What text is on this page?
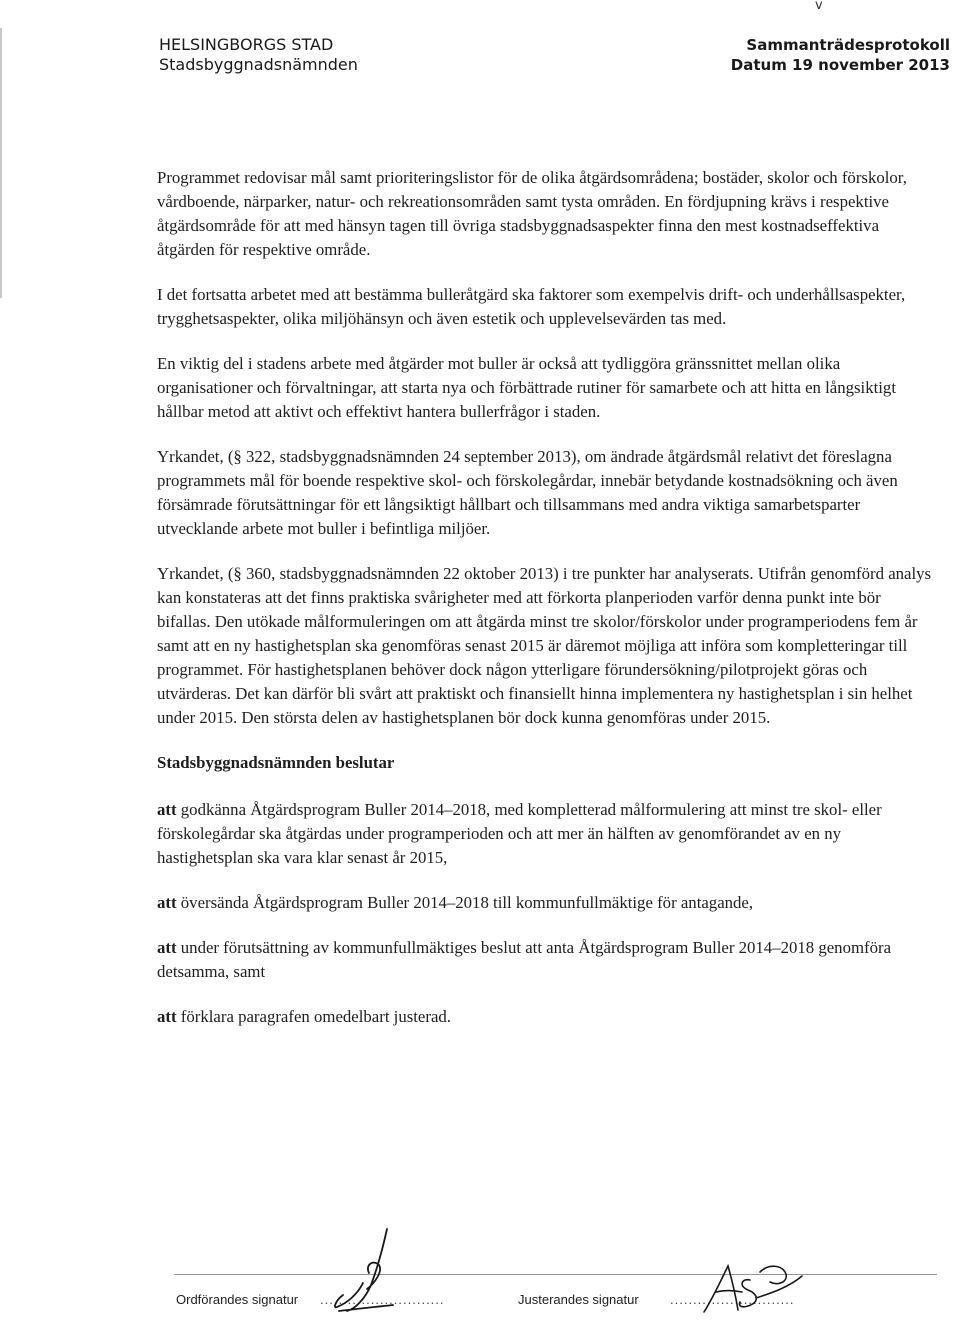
v
HELSINGBORGS STAD
Stadsbyggnadsnämnden
Sammanträdesprotokoll
Datum 19 november 2013

Programmet redovisar mål samt prioriteringslistor för de olika åtgärdsområdena; bostäder, skolor och förskolor, vårdboende, närparker, natur- och rekreationsområden samt tysta områden. En fördjupning krävs i respektive åtgärdsområde för att med hänsyn tagen till övriga stadsbyggnadsaspekter finna den mest kostnadseffektiva åtgärden för respektive område.

I det fortsatta arbetet med att bestämma bulleråtgärd ska faktorer som exempelvis drift- och underhållsaspekter, trygghetsaspekter, olika miljöhänsyn och även estetik och upplevelsevärden tas med.

En viktig del i stadens arbete med åtgärder mot buller är också att tydliggöra gränssnittet mellan olika organisationer och förvaltningar, att starta nya och förbättrade rutiner för samarbete och att hitta en långsiktigt hållbar metod att aktivt och effektivt hantera bullerfrågor i staden.

Yrkandet, (§ 322, stadsbyggnadsnämnden 24 september 2013), om ändrade åtgärdsmål relativt det föreslagna programmets mål för boende respektive skol- och förskolegårdar, innebär betydande kostnadsökning och även försämrade förutsättningar för ett långsiktigt hållbart och tillsammans med andra viktiga samarbetsparter utvecklande arbete mot buller i befintliga miljöer.

Yrkandet, (§ 360, stadsbyggnadsnämnden 22 oktober 2013) i tre punkter har analyserats. Utifrån genomförd analys kan konstateras att det finns praktiska svårigheter med att förkorta planperioden varför denna punkt inte bör bifallas. Den utökade målformuleringen om att åtgärda minst tre skolor/förskolor under programperiodens fem år samt att en ny hastighetsplan ska genomföras senast 2015 är däremot möjliga att införa som kompletteringar till programmet. För hastighetsplanen behöver dock någon ytterligare förundersökning/pilotprojekt göras och utvärderas. Det kan därför bli svårt att praktiskt och finansiellt hinna implementera ny hastighetsplan i sin helhet under 2015. Den största delen av hastighetsplanen bör dock kunna genomföras under 2015.

Stadsbyggnadsnämnden beslutar

att godkänna Åtgärdsprogram Buller 2014–2018, med kompletterad målformulering att minst tre skol- eller förskolegårdar ska åtgärdas under programperioden och att mer än hälften av genomförandet av en ny hastighetsplan ska vara klar senast år 2015,

att översända Åtgärdsprogram Buller 2014–2018 till kommunfullmäktige för antagande,

att under förutsättning av kommunfullmäktiges beslut att anta Åtgärdsprogram Buller 2014–2018 genomföra detsamma, samt

att förklara paragrafen omedelbart justerad.

Ordförandes signatur ...........................	Justerandes signatur ...........................
